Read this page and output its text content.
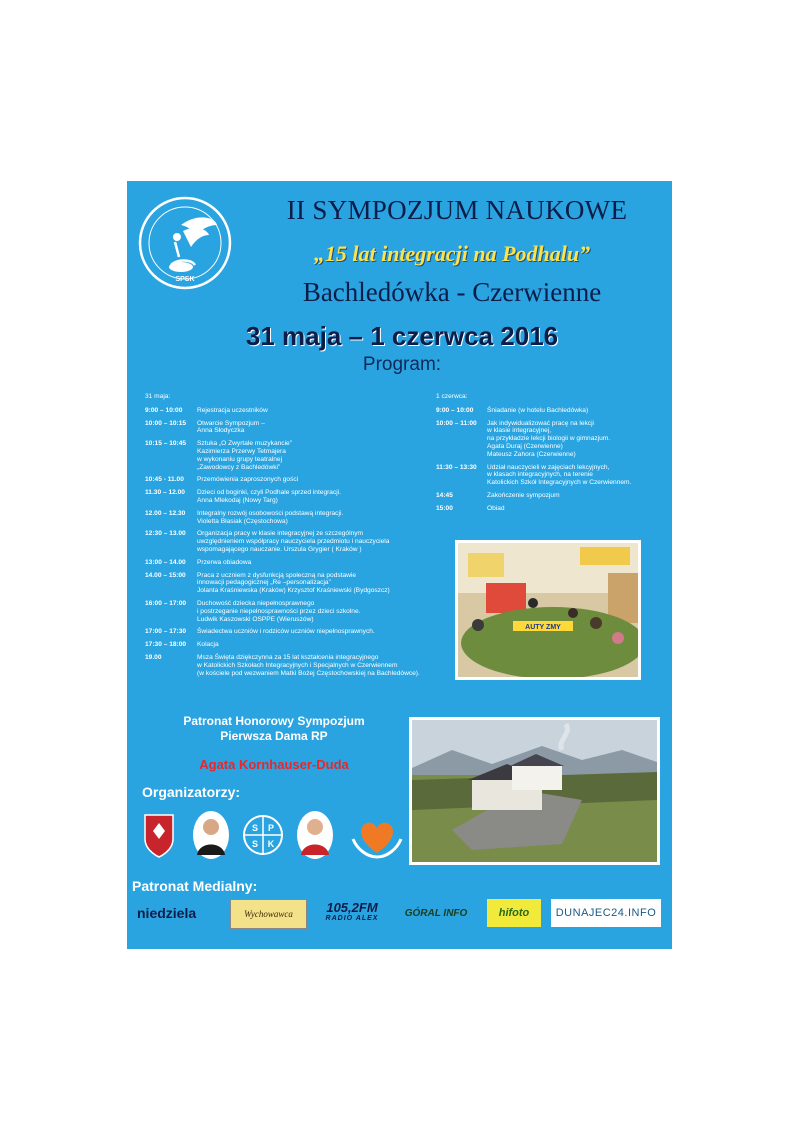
SPSK
II SYMPOZJUM NAUKOWE
„15 lat integracji na Podhalu”
Bachledówka - Czerwienne
31 maja – 1 czerwca 2016
Program:
31 maja:
9:00 – 10:00	Rejestracja uczestników
10:00 – 10:15	Otwarcie Sympozjum –
Anna Słodyczka
10:15 – 10:45	Sztuka „O Zwyrtale muzykancie”
Kazimierza Przerwy Tetmajera
w wykonaniu grupy teatralnej
„Zawodowcy z Bachledówki”
10:45 - 11.00	Przemówienia zaproszonych gości
11.30 – 12.00	Dzieci od boginki, czyli Podhale sprzed integracji.
Anna Mlekodaj (Nowy Targ)
12.00 – 12.30	Integralny rozwój osobowości podstawą integracji.
Violetta Błasiak (Częstochowa)
12:30 – 13.00	Organizacja pracy w klasie integracyjnej ze szczególnym
uwzględnieniem współpracy nauczyciela przedmiotu i nauczyciela
wspomagającego nauczanie. Urszula Grygier ( Kraków )
13:00 – 14.00	Przerwa obiadowa
14.00 – 15:00	Praca z uczniem z dysfunkcją społeczną na podstawie
innowacji pedagogicznej „Re –personalizacja”
Jolanta Kraśniewska (Kraków) Krzysztof Kraśniewski (Bydgoszcz)
16:00 – 17:00	Duchowość dziecka niepełnosprawnego
i postrzeganie niepełnosprawności przez dzieci szkolne.
Ludwik Kaszowski OSPPE (Wieruszów)
17:00 – 17:30	Świadectwa uczniów i rodziców uczniów niepełnosprawnych.
17:30 – 18:00	Kolacja
19.00	Msza Święta dziękczynna za 15 lat kształcenia integracyjnego
w Katolickich Szkołach Integracyjnych i Specjalnych w Czerwiennem
(w kościele pod wezwaniem Matki Bożej Częstochowskiej na Bachledówce).
1 czerwca:
9:00 – 10:00	Śniadanie (w hotelu Bachledówka)
10:00 – 11:00	Jak indywidualizować pracę na lekcji
w klasie integracyjnej,
na przykładzie lekcji biologii w gimnazjum.
Agata Duraj (Czerwienne)
Mateusz Zahora (Czerwienne)
11:30 – 13:30	Udział nauczycieli w zajęciach lekcyjnych,
w klasach integracyjnych, na terenie
Katolickich Szkół Integracyjnych w Czerwiennem.
14:45	Zakończenie sympozjum
15:00	Obiad
AUTY ZMY
Patronat Honorowy Sympozjum
Pierwsza Dama RP
Agata Kornhauser-Duda
Organizatorzy:
S P
S K
Patronat Medialny:
niedziela	Wychowawca	105,2FM
RADIO ALEX	GÓRAL INFO	hifoto	DUNAJEC24.INFO
